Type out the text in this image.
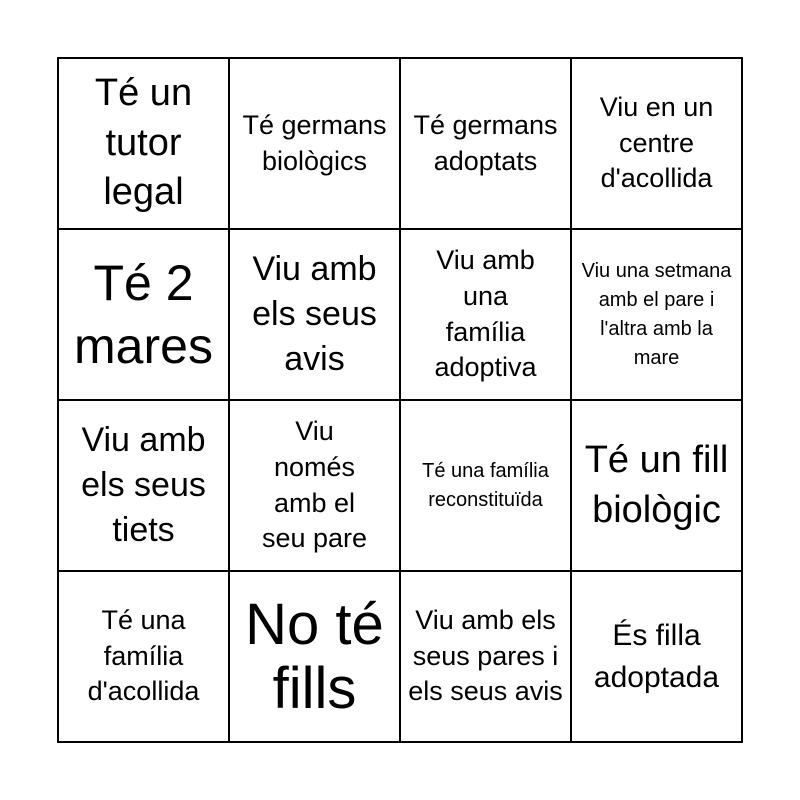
Té un tutor legal
Té germans biològics
Té germans adoptats
Viu en un centre d'acollida
Té 2 mares
Viu amb els seus avis
Viu amb una família adoptiva
Viu una setmana amb el pare i l'altra amb la mare
Viu amb els seus tiets
Viu només amb el seu pare
Té una família reconstituïda
Té un fill biològic
Té una família d'acollida
No té fills
Viu amb els seus pares i els seus avis
És filla adoptada
